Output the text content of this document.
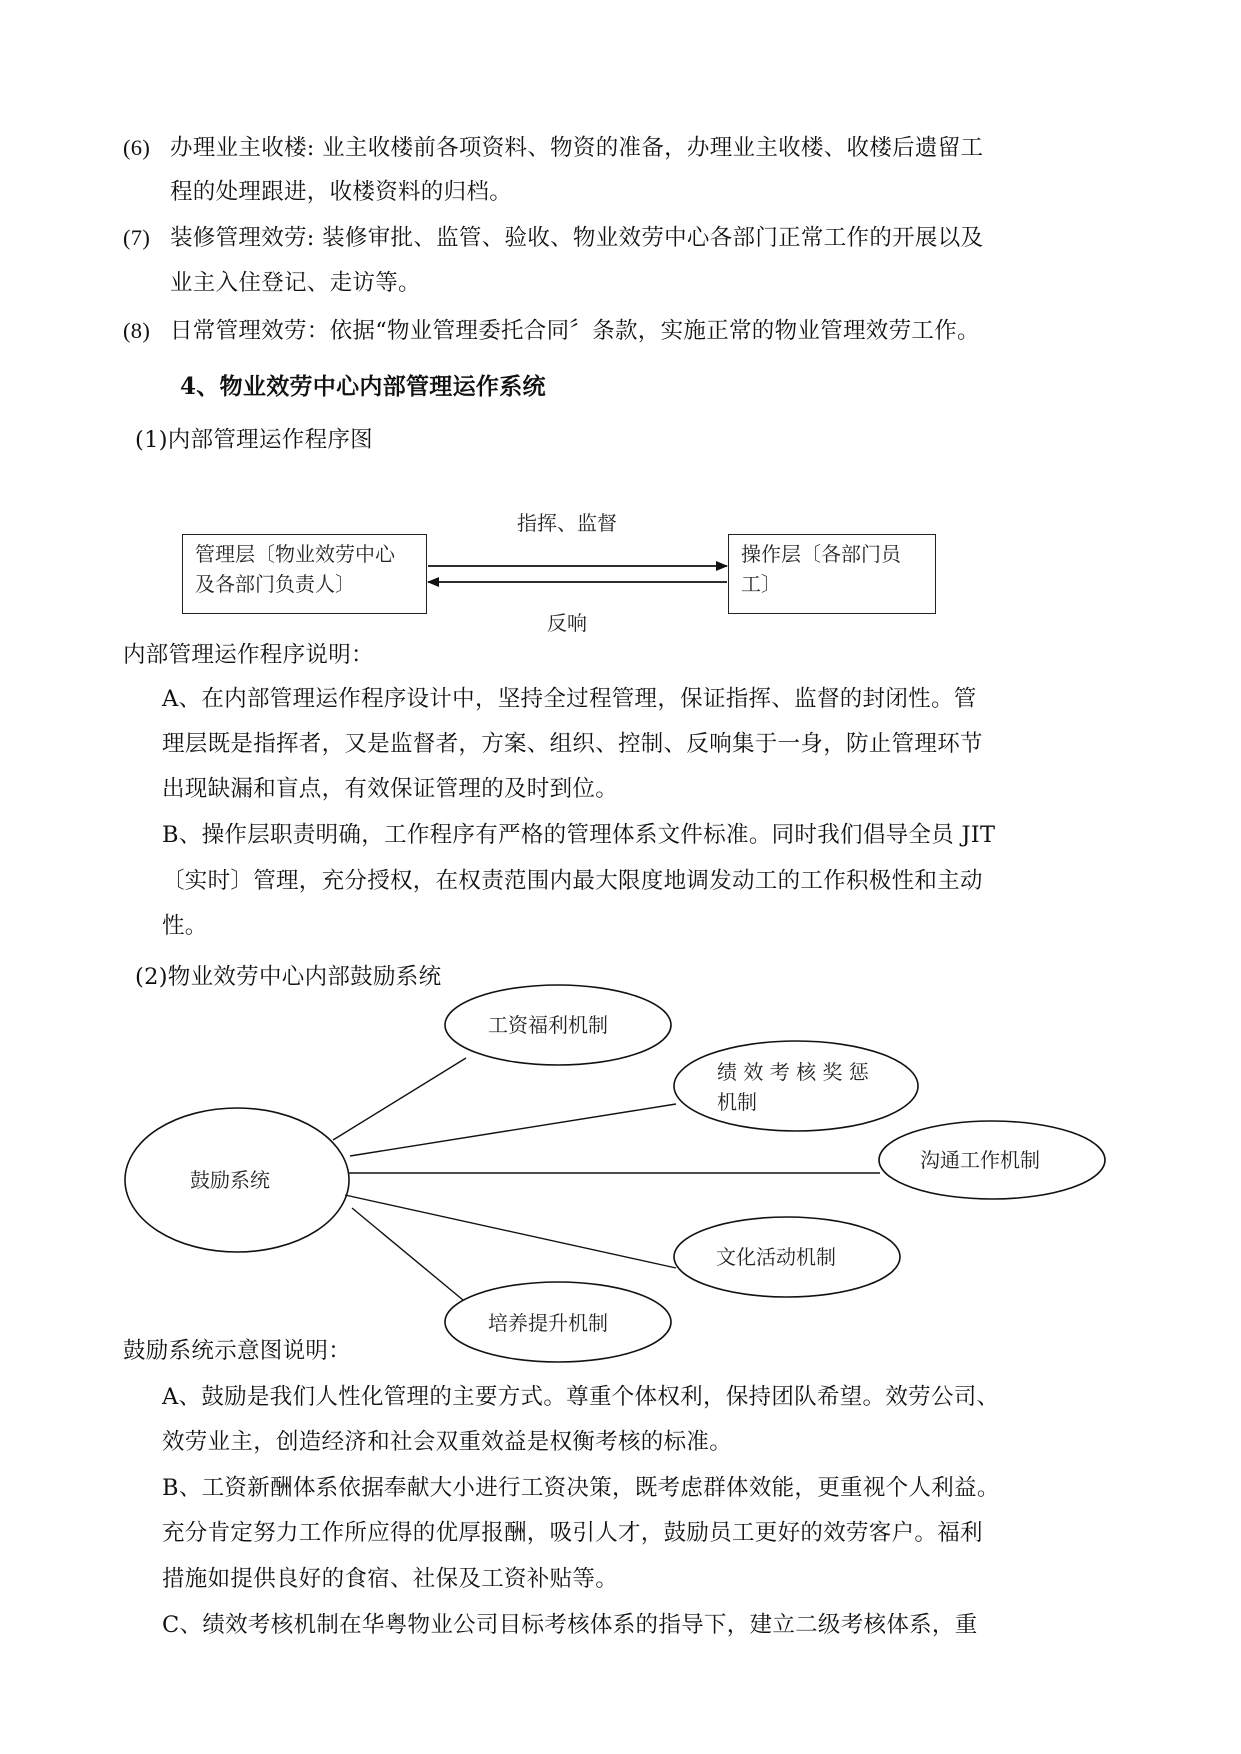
(6) 办理业主收楼: 业主收楼前各项资料、物资的准备，办理业主收楼、收楼后遗留工
程的处理跟进，收楼资料的归档。
(7) 装修管理效劳: 装修审批、监管、验收、物业效劳中心各部门正常工作的开展以及
业主入住登记、走访等。
(8) 日常管理效劳：依据“物业管理委托合同〞条款，实施正常的物业管理效劳工作。
4、物业效劳中心内部管理运作系统
(1)内部管理运作程序图
指挥、监督
管理层〔物业效劳中心
及各部门负责人〕
操作层〔各部门员
工〕
反响
内部管理运作程序说明：
A、在内部管理运作程序设计中，坚持全过程管理，保证指挥、监督的封闭性。管
理层既是指挥者，又是监督者，方案、组织、控制、反响集于一身，防止管理环节
出现缺漏和盲点，有效保证管理的及时到位。
B、操作层职责明确，工作程序有严格的管理体系文件标准。同时我们倡导全员 JIT
〔实时〕管理，充分授权，在权责范围内最大限度地调发动工的工作积极性和主动
性。
(2)物业效劳中心内部鼓励系统
鼓励系统
工资福利机制
绩 效 考 核 奖 惩
机制
沟通工作机制
文化活动机制
培养提升机制
鼓励系统示意图说明：
A、鼓励是我们人性化管理的主要方式。尊重个体权利，保持团队希望。效劳公司、
效劳业主，创造经济和社会双重效益是权衡考核的标准。
B、工资新酬体系依据奉献大小进行工资决策，既考虑群体效能，更重视个人利益。
充分肯定努力工作所应得的优厚报酬，吸引人才，鼓励员工更好的效劳客户。福利
措施如提供良好的食宿、社保及工资补贴等。
C、绩效考核机制在华粤物业公司目标考核体系的指导下，建立二级考核体系，重
